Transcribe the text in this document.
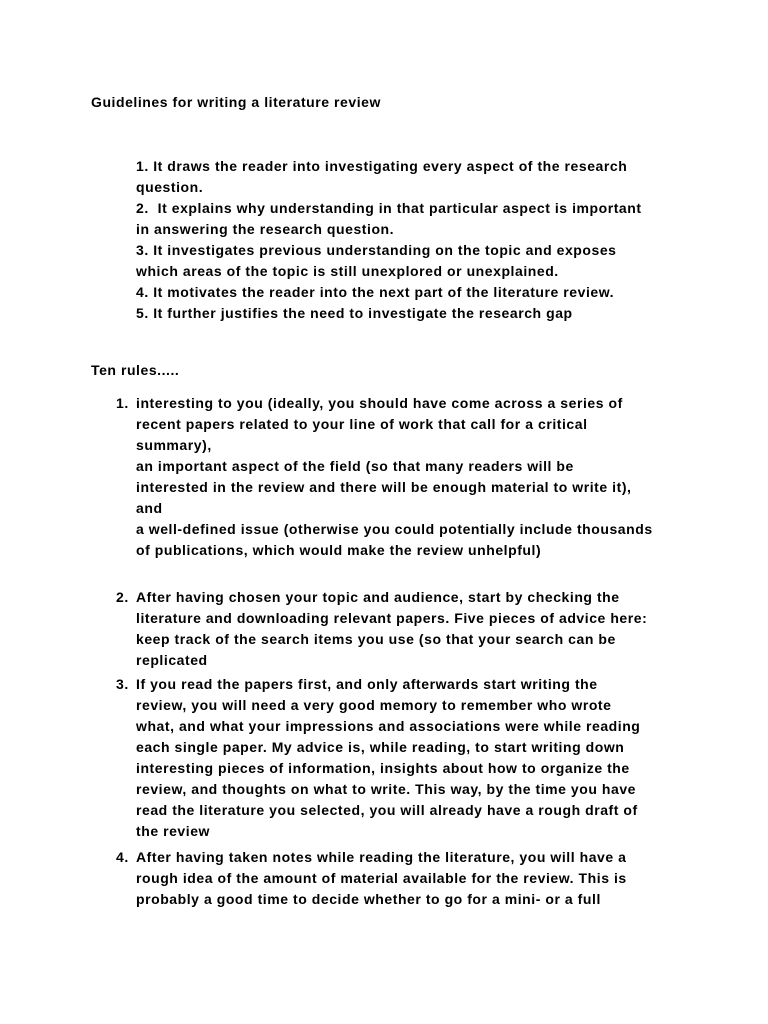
Guidelines for writing a literature review

1. It draws the reader into investigating every aspect of the research

question.

2.  It explains why understanding in that particular aspect is important

in answering the research question.

3. It investigates previous understanding on the topic and exposes

which areas of the topic is still unexplored or unexplained.

4. It motivates the reader into the next part of the literature review.

5. It further justifies the need to investigate the research gap

Ten rules.....

1. interesting to you (ideally, you should have come across a series of

recent papers related to your line of work that call for a critical

summary),

an important aspect of the field (so that many readers will be

interested in the review and there will be enough material to write it),

and

a well-defined issue (otherwise you could potentially include thousands

of publications, which would make the review unhelpful)

2. After having chosen your topic and audience, start by checking the

literature and downloading relevant papers. Five pieces of advice here:

keep track of the search items you use (so that your search can be

replicated

3. If you read the papers first, and only afterwards start writing the

review, you will need a very good memory to remember who wrote

what, and what your impressions and associations were while reading

each single paper. My advice is, while reading, to start writing down

interesting pieces of information, insights about how to organize the

review, and thoughts on what to write. This way, by the time you have

read the literature you selected, you will already have a rough draft of

the review

4. After having taken notes while reading the literature, you will have a

rough idea of the amount of material available for the review. This is

probably a good time to decide whether to go for a mini- or a full
